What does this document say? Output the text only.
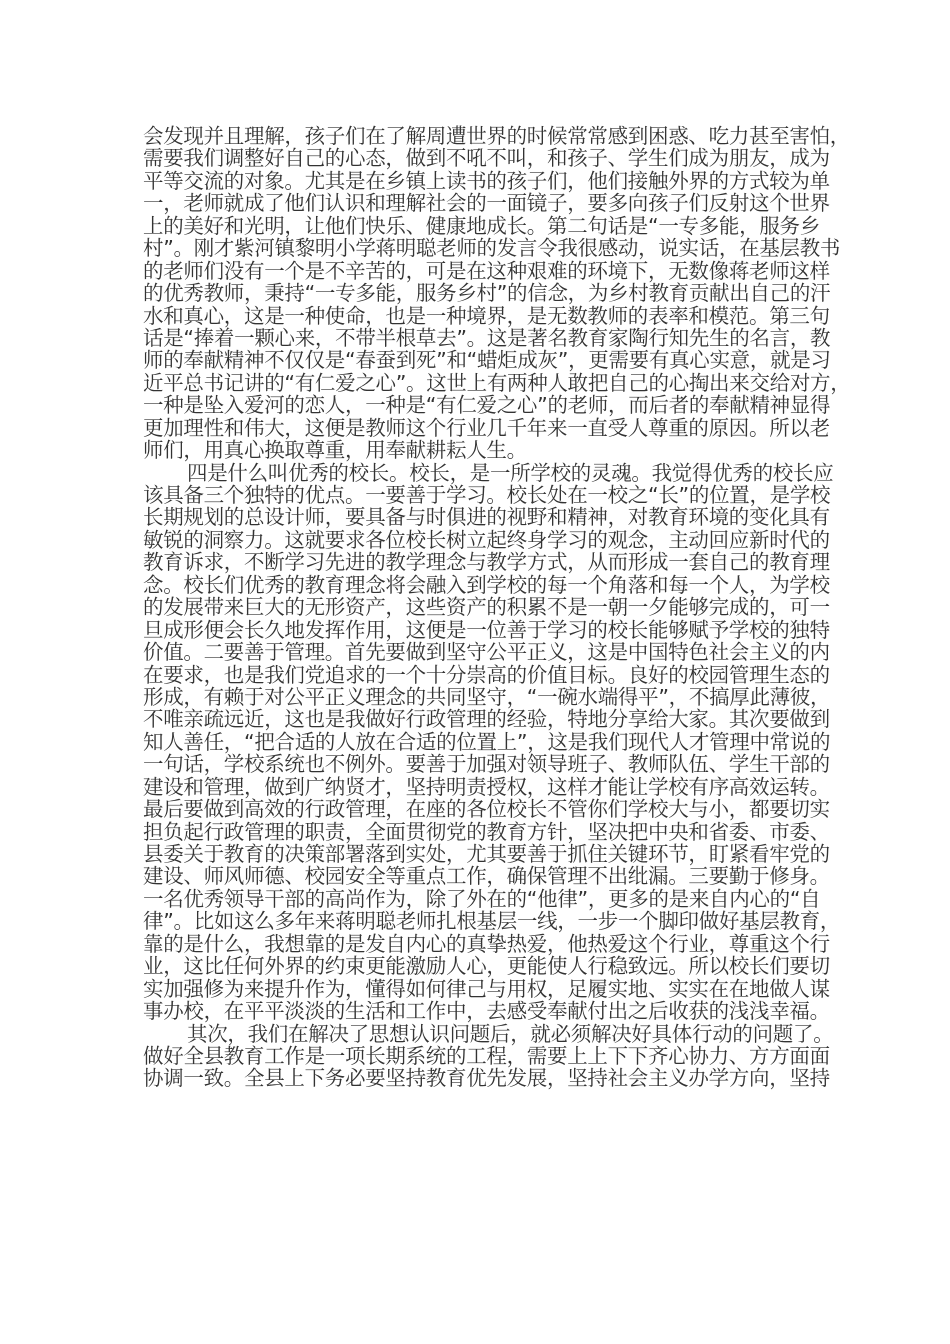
会发现并且理解，孩子们在了解周遭世界的时候常常感到困惑、吃力甚至害怕，
需要我们调整好自己的心态，做到不吼不叫，和孩子、学生们成为朋友，成为
平等交流的对象。尤其是在乡镇上读书的孩子们，他们接触外界的方式较为单
一，老师就成了他们认识和理解社会的一面镜子，要多向孩子们反射这个世界
上的美好和光明，让他们快乐、健康地成长。第二句话是“一专多能，服务乡
村”。刚才紫河镇黎明小学蒋明聪老师的发言令我很感动，说实话，在基层教书
的老师们没有一个是不辛苦的，可是在这种艰难的环境下，无数像蒋老师这样
的优秀教师，秉持“一专多能，服务乡村”的信念，为乡村教育贡献出自己的汗
水和真心，这是一种使命，也是一种境界，是无数教师的表率和模范。第三句
话是“捧着一颗心来，不带半根草去”。这是著名教育家陶行知先生的名言，教
师的奉献精神不仅仅是“春蚕到死”和“蜡炬成灰”，更需要有真心实意，就是习
近平总书记讲的“有仁爱之心”。这世上有两种人敢把自己的心掏出来交给对方，
一种是坠入爱河的恋人，一种是“有仁爱之心”的老师，而后者的奉献精神显得
更加理性和伟大，这便是教师这个行业几千年来一直受人尊重的原因。所以老
师们，用真心换取尊重，用奉献耕耘人生。
四是什么叫优秀的校长。校长，是一所学校的灵魂。我觉得优秀的校长应
该具备三个独特的优点。一要善于学习。校长处在一校之“长”的位置，是学校
长期规划的总设计师，要具备与时俱进的视野和精神，对教育环境的变化具有
敏锐的洞察力。这就要求各位校长树立起终身学习的观念，主动回应新时代的
教育诉求，不断学习先进的教学理念与教学方式，从而形成一套自己的教育理
念。校长们优秀的教育理念将会融入到学校的每一个角落和每一个人，为学校
的发展带来巨大的无形资产，这些资产的积累不是一朝一夕能够完成的，可一
旦成形便会长久地发挥作用，这便是一位善于学习的校长能够赋予学校的独特
价值。二要善于管理。首先要做到坚守公平正义，这是中国特色社会主义的内
在要求，也是我们党追求的一个十分崇高的价值目标。良好的校园管理生态的
形成，有赖于对公平正义理念的共同坚守，“一碗水端得平”，不搞厚此薄彼，
不唯亲疏远近，这也是我做好行政管理的经验，特地分享给大家。其次要做到
知人善任，“把合适的人放在合适的位置上”，这是我们现代人才管理中常说的
一句话，学校系统也不例外。要善于加强对领导班子、教师队伍、学生干部的
建设和管理，做到广纳贤才，坚持明责授权，这样才能让学校有序高效运转。
最后要做到高效的行政管理，在座的各位校长不管你们学校大与小，都要切实
担负起行政管理的职责，全面贯彻党的教育方针，坚决把中央和省委、市委、
县委关于教育的决策部署落到实处，尤其要善于抓住关键环节，盯紧看牢党的
建设、师风师德、校园安全等重点工作，确保管理不出纰漏。三要勤于修身。
一名优秀领导干部的高尚作为，除了外在的“他律”，更多的是来自内心的“自
律”。比如这么多年来蒋明聪老师扎根基层一线，一步一个脚印做好基层教育，
靠的是什么，我想靠的是发自内心的真挚热爱，他热爱这个行业，尊重这个行
业，这比任何外界的约束更能激励人心，更能使人行稳致远。所以校长们要切
实加强修为来提升作为，懂得如何律己与用权，足履实地、实实在在地做人谋
事办校，在平平淡淡的生活和工作中，去感受奉献付出之后收获的浅浅幸福。
其次，我们在解决了思想认识问题后，就必须解决好具体行动的问题了。
做好全县教育工作是一项长期系统的工程，需要上上下下齐心协力、方方面面
协调一致。全县上下务必要坚持教育优先发展，坚持社会主义办学方向，坚持
